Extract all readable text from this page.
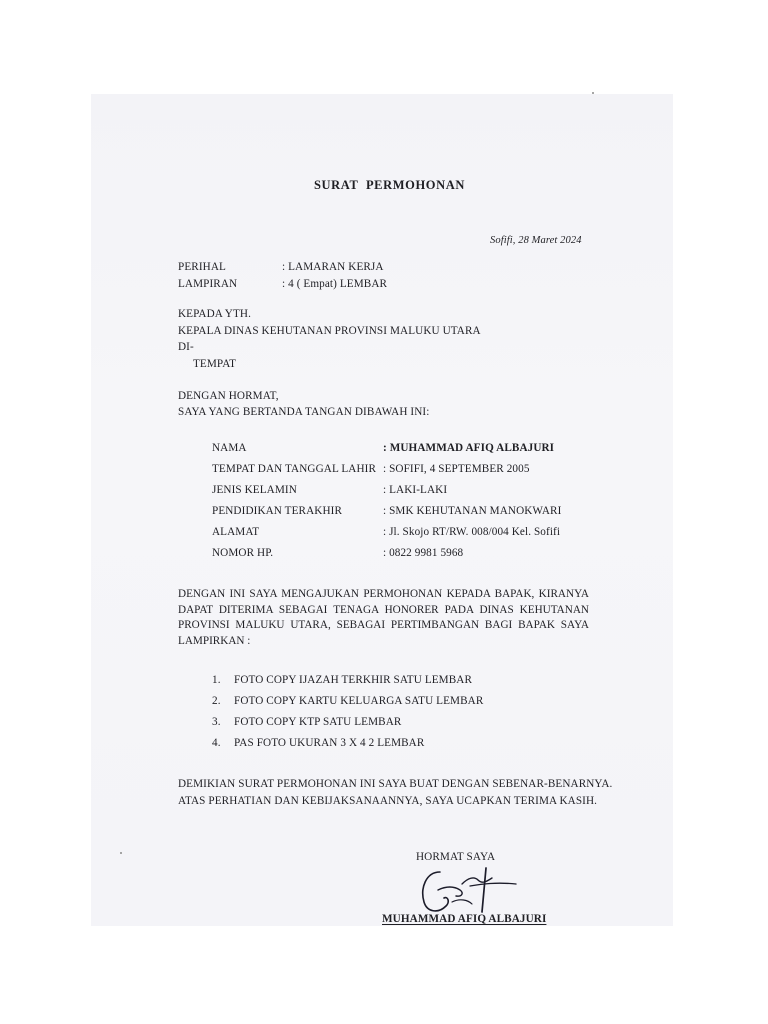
SURAT PERMOHONAN
Sofifi, 28 Maret 2024
PERIHAL	: LAMARAN KERJA
LAMPIRAN	: 4 ( Empat) LEMBAR
KEPADA YTH.
KEPALA DINAS KEHUTANAN PROVINSI MALUKU UTARA
DI-
TEMPAT
DENGAN HORMAT,
SAYA YANG BERTANDA TANGAN DIBAWAH INI:
NAMA	: MUHAMMAD AFIQ ALBAJURI
TEMPAT DAN TANGGAL LAHIR : SOFIFI, 4 SEPTEMBER 2005
JENIS KELAMIN	: LAKI-LAKI
PENDIDIKAN TERAKHIR	: SMK KEHUTANAN MANOKWARI
ALAMAT	: Jl. Skojo RT/RW. 008/004 Kel. Sofifi
NOMOR HP.	: 0822 9981 5968
DENGAN INI SAYA MENGAJUKAN PERMOHONAN KEPADA BAPAK, KIRANYA DAPAT DITERIMA SEBAGAI TENAGA HONORER PADA DINAS KEHUTANAN PROVINSI MALUKU UTARA, SEBAGAI PERTIMBANGAN BAGI BAPAK SAYA LAMPIRKAN :
1. FOTO COPY IJAZAH TERKHIR SATU LEMBAR
2. FOTO COPY KARTU KELUARGA SATU LEMBAR
3. FOTO COPY KTP SATU LEMBAR
4. PAS FOTO UKURAN 3 X 4 2 LEMBAR
DEMIKIAN SURAT PERMOHONAN INI SAYA BUAT DENGAN SEBENAR-BENARNYA.
ATAS PERHATIAN DAN KEBIJAKSANAANNYA, SAYA UCAPKAN TERIMA KASIH.
HORMAT SAYA
MUHAMMAD AFIQ ALBAJURI
